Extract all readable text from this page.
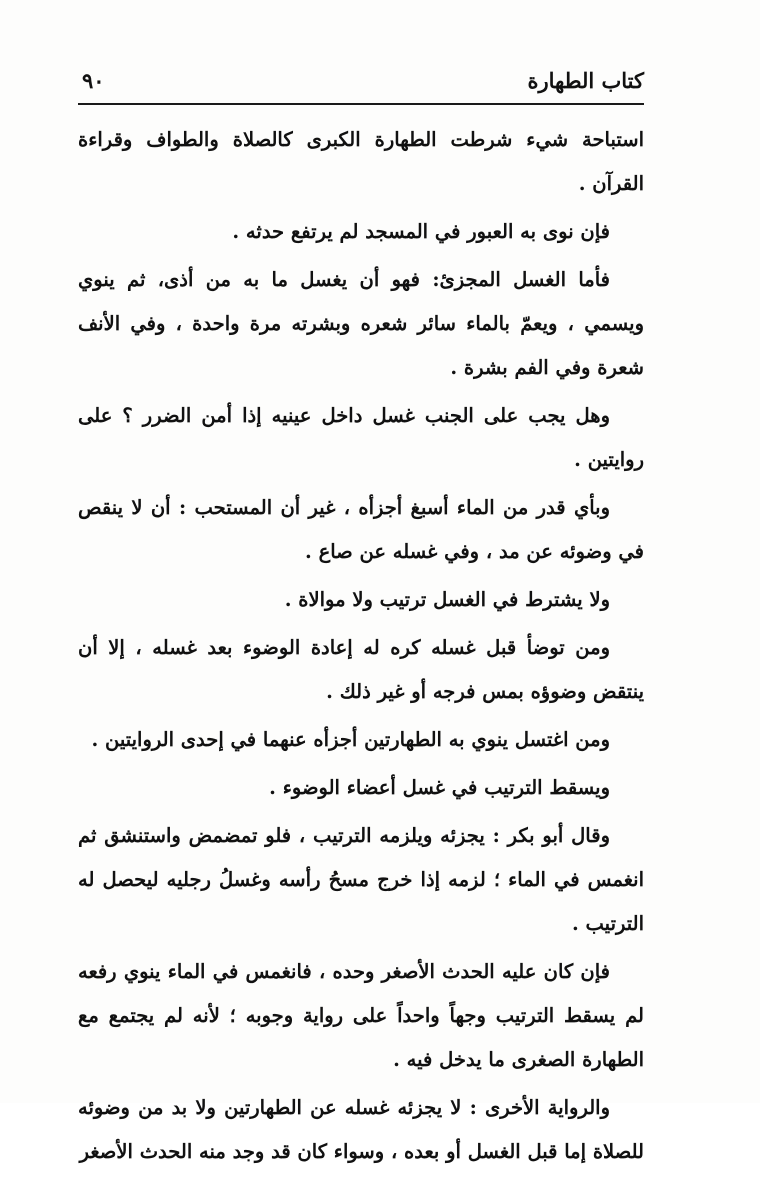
كتاب الطهارة
٩٠

استباحة شيء شرطت الطهارة الكبرى كالصلاة والطواف وقراءة القرآن .

فإن نوى به العبور في المسجد لم يرتفع حدثه .

فأما الغسل المجزئ: فهو أن يغسل ما به من أذى، ثم ينوي ويسمي ، ويعمّ بالماء سائر شعره وبشرته مرة واحدة ، وفي الأنف شعرة وفي الفم بشرة .

وهل يجب على الجنب غسل داخل عينيه إذا أمن الضرر ؟ على روايتين .

وبأي قدر من الماء أسبغ أجزأه ، غير أن المستحب : أن لا ينقص في وضوئه عن مد ، وفي غسله عن صاع .

ولا يشترط في الغسل ترتيب ولا موالاة .

ومن توضأ قبل غسله كره له إعادة الوضوء بعد غسله ، إلا أن ينتقض وضوؤه بمس فرجه أو غير ذلك .

ومن اغتسل ينوي به الطهارتين أجزأه عنهما في إحدى الروايتين .

ويسقط الترتيب في غسل أعضاء الوضوء .

وقال أبو بكر : يجزئه ويلزمه الترتيب ، فلو تمضمض واستنشق ثم انغمس في الماء ؛ لزمه إذا خرج مسحُ رأسه وغسلُ رجليه ليحصل له الترتيب .

فإن كان عليه الحدث الأصغر وحده ، فانغمس في الماء ينوي رفعه لم يسقط الترتيب وجهاً واحداً على رواية وجوبه ؛ لأنه لم يجتمع مع الطهارة الصغرى ما يدخل فيه .

والرواية الأخرى : لا يجزئه غسله عن الطهارتين ولا بد من وضوئه للصلاة إما قبل الغسل أو بعده ، وسواء كان قد وجد منه الحدث الأصغر
